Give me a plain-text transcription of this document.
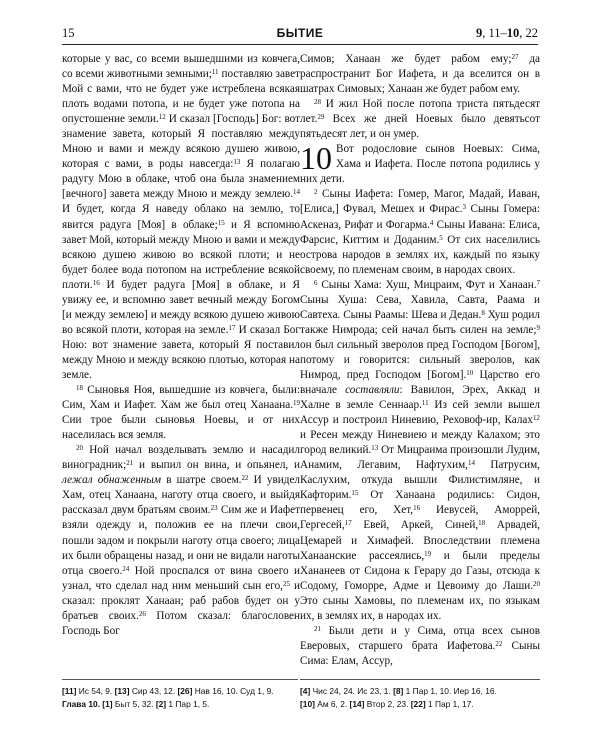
15	БЫТИЕ	9, 11–10, 22

которые у вас, со всеми вышедшими из ковчега, со всеми животными земными;$^{11}$ поставляю завет Мой с вами, что не будет уже истреблена всякая плоть водами потопа, и не будет уже потопа на опустошение земли.$^{12}$ И сказал [Господь] Бог: вот знамение завета, который Я поставляю между Мною и вами и между всякою душею живою, которая с вами, в роды навсегда:$^{13}$ Я полагаю радугу Мою в облаке, чтоб она была знамением [вечного] завета между Мною и между землею.$^{14}$ И будет, когда Я наведу облако на землю, то явится радуга [Моя] в облаке;$^{15}$ и Я вспомню завет Мой, который между Мною и вами и между всякою душею живою во всякой плоти; и не будет более вода потопом на истребление всякой плоти.$^{16}$ И будет радуга [Моя] в облаке, и Я увижу ее, и вспомню завет вечный между Богом [и между землею] и между всякою душею живою во всякой плоти, которая на земле.$^{17}$ И сказал Бог Ною: вот знамение завета, который Я поставил между Мною и между всякою плотью, которая на земле.

$^{18}$ Сыновья Ноя, вышедшие из ковчега, были: Сим, Хам и Иафет. Хам же был отец Ханаана.$^{19}$ Сии трое были сыновья Ноевы, и от них населилась вся земля.

$^{20}$ Ной начал возделывать землю и насадил виноградник;$^{21}$ и выпил он вина, и опьянел, и лежал обнаженным в шатре своем.$^{22}$ И увидел Хам, отец Ханаана, наготу отца своего, и выйдя рассказал двум братьям своим.$^{23}$ Сим же и Иафет взяли одежду и, положив ее на плечи свои, пошли задом и покрыли наготу отца своего; лица их были обращены назад, и они не видали наготы отца своего.$^{24}$ Ной проспался от вина своего и узнал, что сделал над ним меньший сын его,$^{25}$ и сказал: проклят Ханаан; раб рабов будет он у братьев своих.$^{26}$ Потом сказал: благословен Господь Бог

Симов; Ханаан же будет рабом ему;$^{27}$ да распространит Бог Иафета, и да вселится он в шатрах Симовых; Ханаан же будет рабом ему.

$^{28}$ И жил Ной после потопа триста пятьдесят лет.$^{29}$ Всех же дней Ноевых было девятьсот пятьдесят лет, и он умер.

10 Вот родословие сынов Ноевых: Сима, Хама и Иафета. После потопа родились у них дети.

$^2$ Сыны Иафета: Гомер, Магог, Мадай, Иаван, [Елиса,] Фувал, Мешех и Фирас.$^3$ Сыны Гомера: Аскеназ, Рифат и Фогарма.$^4$ Сыны Иавана: Елиса, Фарсис, Киттим и Доданим.$^5$ От сих населились острова народов в землях их, каждый по языку своему, по племенам своим, в народах своих.

$^6$ Сыны Хама: Хуш, Мицраим, Фут и Ханаан.$^7$ Сыны Хуша: Сева, Хавила, Савта, Раама и Савтеха. Сыны Раамы: Шева и Дедан.$^8$ Хуш родил также Нимрода; сей начал быть силен на земле;$^9$ он был сильный зверолов пред Господом [Богом], потому и говорится: сильный зверолов, как Нимрод, пред Господом [Богом].$^{10}$ Царство его вначале составляли: Вавилон, Эрех, Аккад и Халне в земле Сеннаар.$^{11}$ Из сей земли вышел Ассур и построил Ниневию, Реховоф-ир, Калах$^{12}$ и Ресен между Ниневиею и между Калахом; это город великий.$^{13}$ От Мицраима произошли Лудим, Анамим, Легавим, Нафтухим,$^{14}$ Патрусим, Каслухим, откуда вышли Филистимляне, и Кафторим.$^{15}$ От Ханаана родились: Сидон, первенец его, Хет,$^{16}$ Иевусей, Аморрей, Гергесей,$^{17}$ Евей, Аркей, Синей,$^{18}$ Арвадей, Цемарей и Химафей. Впоследствии племена Ханаанские рассеялись,$^{19}$ и были пределы Хананеев от Сидона к Герару до Газы, отсюда к Содому, Гоморре, Адме и Цевоиму до Лаши.$^{20}$ Это сыны Хамовы, по племенам их, по языкам их, в землях их, в народах их.

$^{21}$ Были дети и у Сима, отца всех сынов Еверовых, старшего брата Иафетова.$^{22}$ Сыны Сима: Елам, Ассур,

[11] Ис 54, 9. [13] Сир 43, 12. [26] Нав 16, 10. Суд 1, 9.

Глава 10. [1] Быт 5, 32. [2] 1 Пар 1, 5.

[4] Чис 24, 24. Ис 23, 1. [8] 1 Пар 1, 10. Иер 16, 16.

[10] Ам 6, 2. [14] Втор 2, 23. [22] 1 Пар 1, 17.
